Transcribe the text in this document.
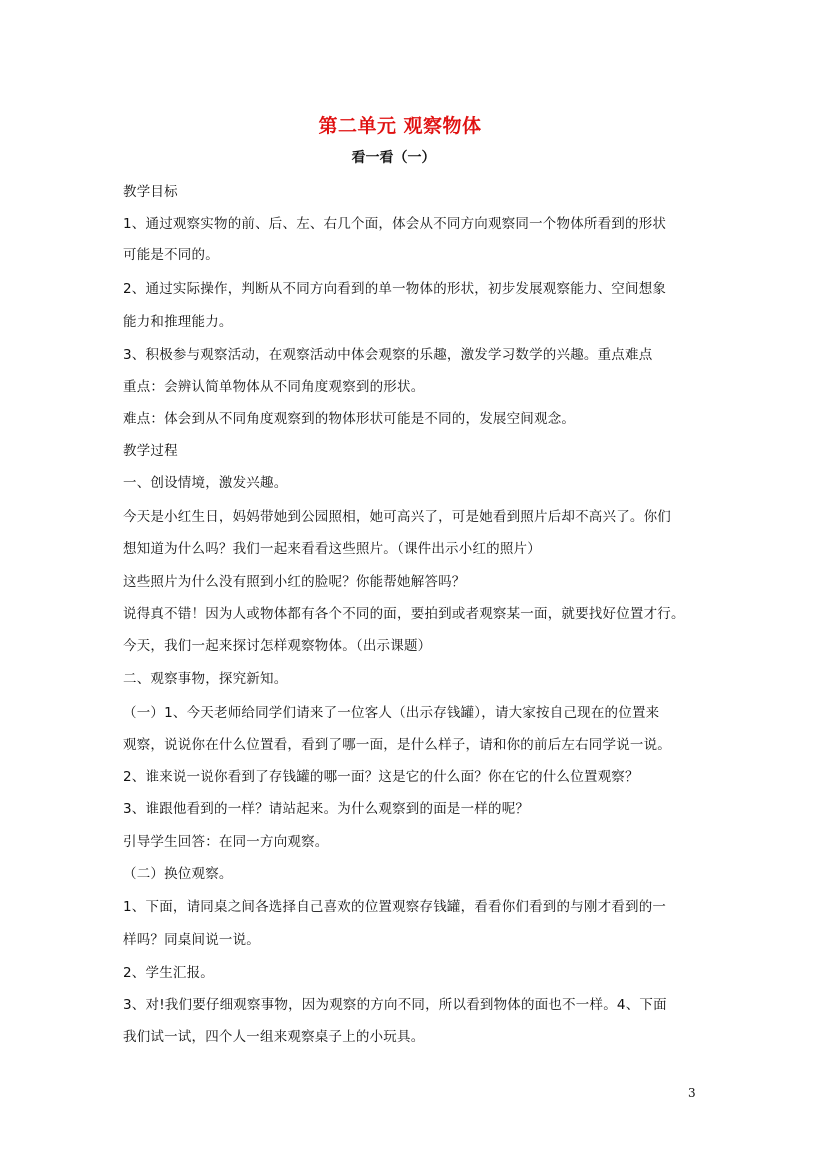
第二单元 观察物体
看一看（一）
教学目标
1、通过观察实物的前、后、左、右几个面，体会从不同方向观察同一个物体所看到的形状
可能是不同的。
2、通过实际操作，判断从不同方向看到的单一物体的形状，初步发展观察能力、空间想象
能力和推理能力。
3、积极参与观察活动，在观察活动中体会观察的乐趣，激发学习数学的兴趣。重点难点
重点：会辨认简单物体从不同角度观察到的形状。
难点：体会到从不同角度观察到的物体形状可能是不同的，发展空间观念。
教学过程
一、创设情境，激发兴趣。
今天是小红生日，妈妈带她到公园照相，她可高兴了，可是她看到照片后却不高兴了。你们
想知道为什么吗？我们一起来看看这些照片。（课件出示小红的照片）
这些照片为什么没有照到小红的脸呢？你能帮她解答吗？
说得真不错！因为人或物体都有各个不同的面，要拍到或者观察某一面，就要找好位置才行。
今天，我们一起来探讨怎样观察物体。（出示课题）
二、观察事物，探究新知。
（一）1、今天老师给同学们请来了一位客人（出示存钱罐），请大家按自己现在的位置来
观察，说说你在什么位置看，看到了哪一面，是什么样子，请和你的前后左右同学说一说。
2、谁来说一说你看到了存钱罐的哪一面？这是它的什么面？你在它的什么位置观察？
3、谁跟他看到的一样？请站起来。为什么观察到的面是一样的呢？
引导学生回答：在同一方向观察。
（二）换位观察。
1、下面，请同桌之间各选择自己喜欢的位置观察存钱罐，看看你们看到的与刚才看到的一
样吗？同桌间说一说。
2、学生汇报。
3、对!我们要仔细观察事物，因为观察的方向不同，所以看到物体的面也不一样。4、下面
我们试一试，四个人一组来观察桌子上的小玩具。
3
